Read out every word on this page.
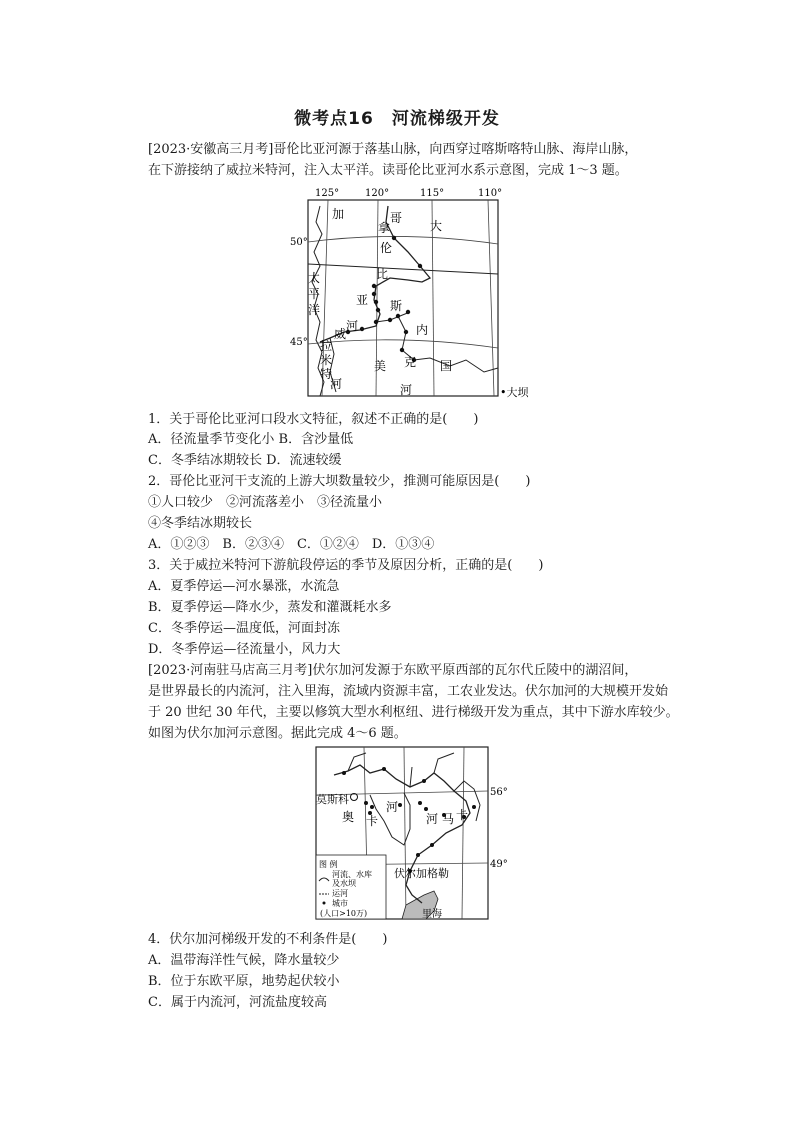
微考点16　河流梯级开发
[2023·安徽高三月考]哥伦比亚河源于落基山脉，向西穿过喀斯喀特山脉、海岸山脉，
在下游接纳了威拉米特河，注入太平洋。读哥伦比亚河水系示意图，完成 1～3 题。
125°	120°	115°	110°
50°
45°
加
拿	大
哥
伦
比
亚 斯
河	内
克
美	国
太
平
洋
威
拉
米
特
河	河	•大坝
1．关于哥伦比亚河口段水文特征，叙述不正确的是(　　)
A．径流量季节变化小 B．含沙量低
C．冬季结冰期较长 D．流速较缓
2．哥伦比亚河干支流的上游大坝数量较少，推测可能原因是(　　)
①人口较少　②河流落差小　③径流量小
④冬季结冰期较长
A．①②③　B．②③④　C．①②④　D．①③④
3．关于威拉米特河下游航段停运的季节及原因分析，正确的是(　　)
A．夏季停运—河水暴涨，水流急
B．夏季停运—降水少，蒸发和灌溉耗水多
C．冬季停运—温度低，河面封冻
D．冬季停运—径流量小，风力大
[2023·河南驻马店高三月考]伏尔加河发源于东欧平原西部的瓦尔代丘陵中的湖沼间，
是世界最长的内流河，注入里海，流域内资源丰富，工农业发达。伏尔加河的大规模开发始
于 20 世纪 30 年代，主要以修筑大型水利枢纽、进行梯级开发为重点，其中下游水库较少。
如图为伏尔加河示意图。据此完成 4～6 题。
56°
49°
莫斯科
河
奥 卡	河 马 卡
伏尔加格勒
里海
图 例
河流、水库
及水坝
运河
城市
(人口>10万)
4．伏尔加河梯级开发的不利条件是(　　)
A．温带海洋性气候，降水量较少
B．位于东欧平原，地势起伏较小
C．属于内流河，河流盐度较高
